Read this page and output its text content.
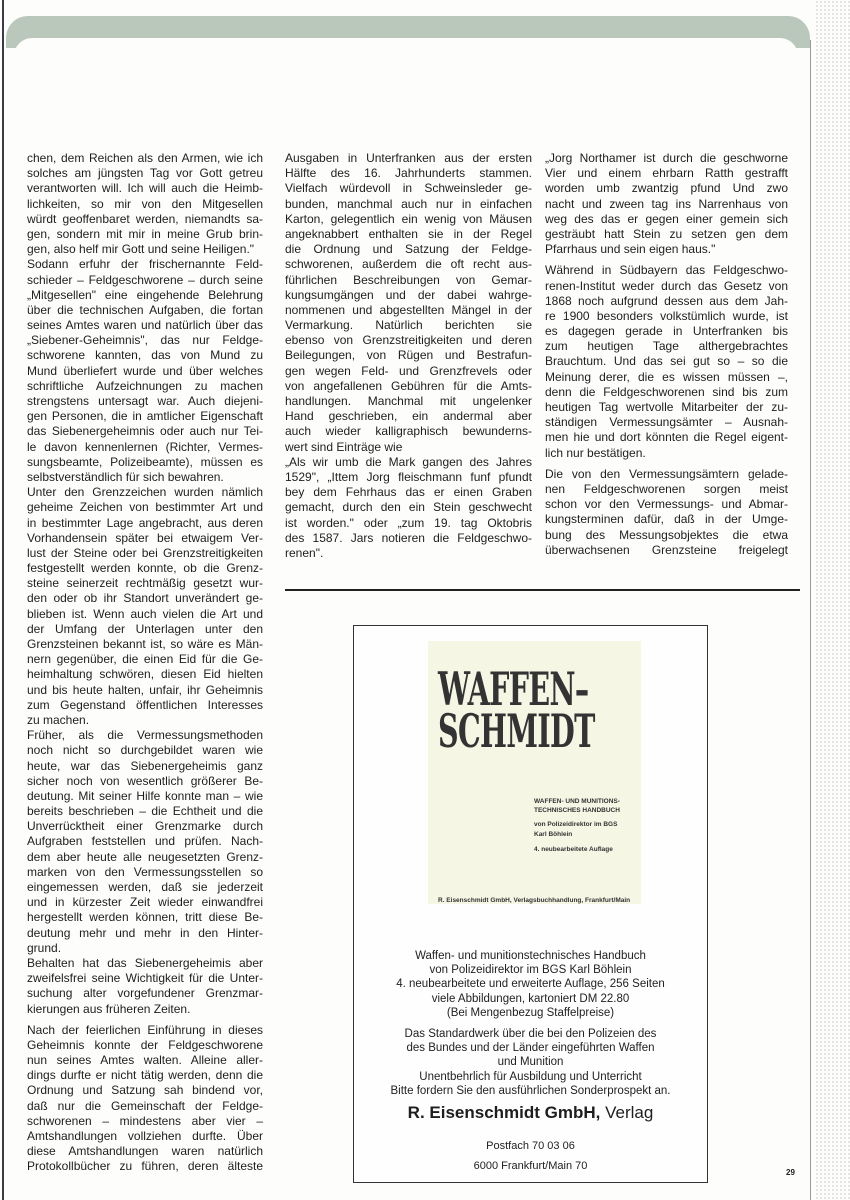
chen, dem Reichen als den Armen, wie ich
solches am jüngsten Tag vor Gott getreu
verantworten will. Ich will auch die Heimb-
lichkeiten, so mir von den Mitgesellen
würdt geoffenbaret werden, niemandts sa-
gen, sondern mit mir in meine Grub brin-
gen, also helf mir Gott und seine Heiligen."
Sodann erfuhr der frischernannte Feld-
schieder – Feldgeschworene – durch seine
„Mitgesellen" eine eingehende Belehrung
über die technischen Aufgaben, die fortan
seines Amtes waren und natürlich über das
„Siebener-Geheimnis", das nur Feldge-
schworene kannten, das von Mund zu
Mund überliefert wurde und über welches
schriftliche Aufzeichnungen zu machen
strengstens untersagt war. Auch diejeni-
gen Personen, die in amtlicher Eigenschaft
das Siebenergeheimnis oder auch nur Tei-
le davon kennenlernen (Richter, Vermes-
sungsbeamte, Polizeibeamte), müssen es
selbstverständlich für sich bewahren.
Unter den Grenzzeichen wurden nämlich
geheime Zeichen von bestimmter Art und
in bestimmter Lage angebracht, aus deren
Vorhandensein später bei etwaigem Ver-
lust der Steine oder bei Grenzstreitigkeiten
festgestellt werden konnte, ob die Grenz-
steine seinerzeit rechtmäßig gesetzt wur-
den oder ob ihr Standort unverändert ge-
blieben ist. Wenn auch vielen die Art und
der Umfang der Unterlagen unter den
Grenzsteinen bekannt ist, so wäre es Män-
nern gegenüber, die einen Eid für die Ge-
heimhaltung schwören, diesen Eid hielten
und bis heute halten, unfair, ihr Geheimnis
zum Gegenstand öffentlichen Interesses
zu machen.
Früher, als die Vermessungsmethoden
noch nicht so durchgebildet waren wie
heute, war das Siebenergeheimis ganz
sicher noch von wesentlich größerer Be-
deutung. Mit seiner Hilfe konnte man – wie
bereits beschrieben – die Echtheit und die
Unverrücktheit einer Grenzmarke durch
Aufgraben feststellen und prüfen. Nach-
dem aber heute alle neugesetzten Grenz-
marken von den Vermessungsstellen so
eingemessen werden, daß sie jederzeit
und in kürzester Zeit wieder einwandfrei
hergestellt werden können, tritt diese Be-
deutung mehr und mehr in den Hinter-
grund.
Behalten hat das Siebenergeheimis aber
zweifelsfrei seine Wichtigkeit für die Unter-
suchung alter vorgefundener Grenzmar-
kierungen aus früheren Zeiten.
Nach der feierlichen Einführung in dieses
Geheimnis konnte der Feldgeschworene
nun seines Amtes walten. Alleine aller-
dings durfte er nicht tätig werden, denn die
Ordnung und Satzung sah bindend vor,
daß nur die Gemeinschaft der Feldge-
schworenen – mindestens aber vier –
Amtshandlungen vollziehen durfte. Über
diese Amtshandlungen waren natürlich
Protokollbücher zu führen, deren älteste
Ausgaben in Unterfranken aus der ersten
Hälfte des 16. Jahrhunderts stammen.
Vielfach würdevoll in Schweinsleder ge-
bunden, manchmal auch nur in einfachen
Karton, gelegentlich ein wenig von Mäusen
angeknabbert enthalten sie in der Regel
die Ordnung und Satzung der Feldge-
schworenen, außerdem die oft recht aus-
führlichen Beschreibungen von Gemar-
kungsumgängen und der dabei wahrge-
nommenen und abgestellten Mängel in der
Vermarkung. Natürlich berichten sie
ebenso von Grenzstreitigkeiten und deren
Beilegungen, von Rügen und Bestrafun-
gen wegen Feld- und Grenzfrevels oder
von angefallenen Gebühren für die Amts-
handlungen. Manchmal mit ungelenker
Hand geschrieben, ein andermal aber
auch wieder kalligraphisch bewunderns-
wert sind Einträge wie
„Als wir umb die Mark gangen des Jahres
1529", „Ittem Jorg fleischmann funf pfundt
bey dem Fehrhaus das er einen Graben
gemacht, durch den ein Stein geschwecht
ist worden." oder „zum 19. tag Oktobris
des 1587. Jars notieren die Feldgeschwo-
renen".
„Jorg Northamer ist durch die geschworne
Vier und einem ehrbarn Ratth gestrafft
worden umb zwantzig pfund Und zwo
nacht und zween tag ins Narrenhaus von
weg des das er gegen einer gemein sich
gesträubt hatt Stein zu setzen gen dem
Pfarrhaus und sein eigen haus."
Während in Südbayern das Feldgeschwo-
renen-Institut weder durch das Gesetz von
1868 noch aufgrund dessen aus dem Jah-
re 1900 besonders volkstümlich wurde, ist
es dagegen gerade in Unterfranken bis
zum heutigen Tage althergebrachtes
Brauchtum. Und das sei gut so – so die
Meinung derer, die es wissen müssen –,
denn die Feldgeschworenen sind bis zum
heutigen Tag wertvolle Mitarbeiter der zu-
ständigen Vermessungsämter – Ausnah-
men hie und dort könnten die Regel eigent-
lich nur bestätigen.
Die von den Vermessungsämtern gelade-
nen Feldgeschworenen sorgen meist
schon vor den Vermessungs- und Abmar-
kungsterminen dafür, daß in der Umge-
bung des Messungsobjektes die etwa
überwachsenen Grenzsteine freigelegt
WAFFEN–
SCHMIDT
WAFFEN- UND MUNITIONS-
TECHNISCHES HANDBUCH
von Polizeidirektor im BGS
Karl Böhlein
4. neubearbeitete Auflage
R. Eisenschmidt GmbH, Verlagsbuchhandlung, Frankfurt/Main
Waffen- und munitionstechnisches Handbuch
von Polizeidirektor im BGS Karl Böhlein
4. neubearbeitete und erweiterte Auflage, 256 Seiten
viele Abbildungen, kartoniert DM 22.80
(Bei Mengenbezug Staffelpreise)
Das Standardwerk über die bei den Polizeien des
des Bundes und der Länder eingeführten Waffen
und Munition
Unentbehrlich für Ausbildung und Unterricht
Bitte fordern Sie den ausführlichen Sonderprospekt an.
R. Eisenschmidt GmbH, Verlag
Postfach 70 03 06
6000 Frankfurt/Main 70
29
